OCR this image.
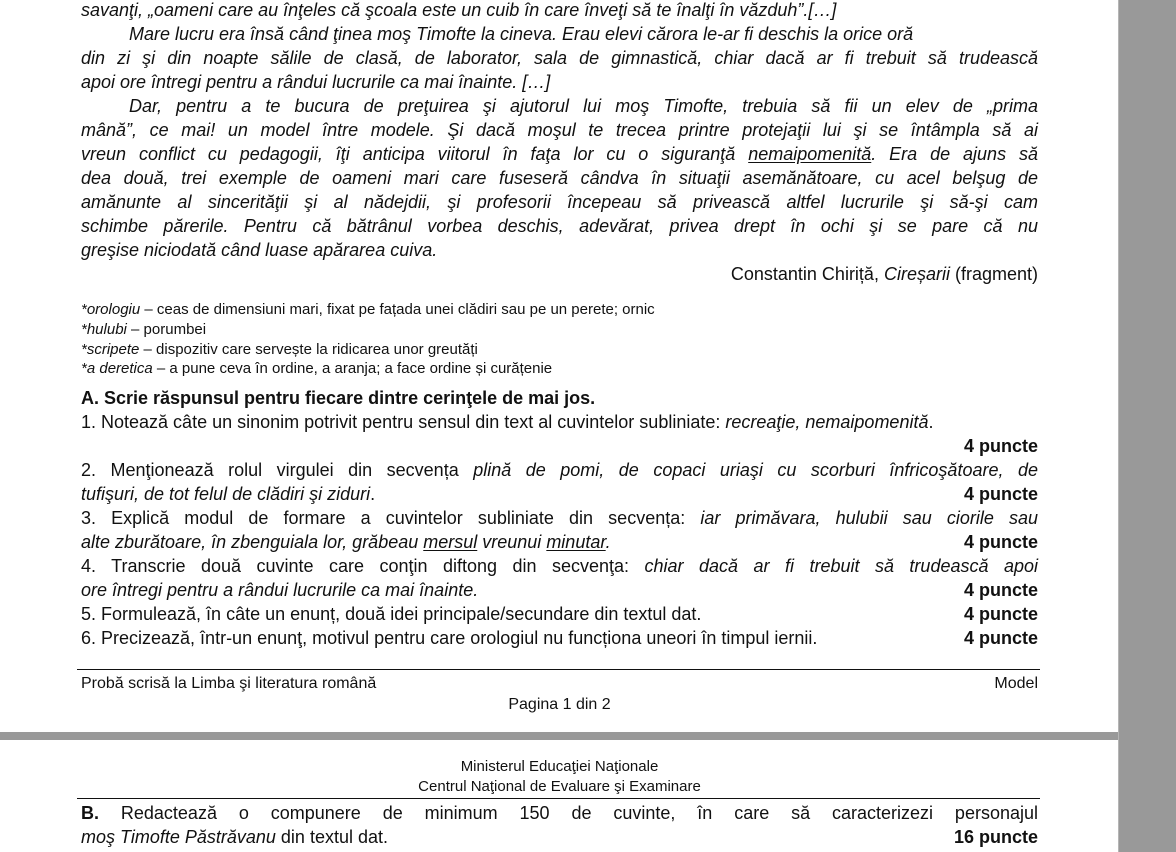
savanţi, „oameni care au înţeles că şcoala este un cuib în care înveţi să te înalţi în văzduh”.[…]
Mare lucru era însă când ţinea moş Timofte la cineva. Erau elevi cărora le-ar fi deschis la orice oră
din zi şi din noapte sălile de clasă, de laborator, sala de gimnastică, chiar dacă ar fi trebuit să trudească
apoi ore întregi pentru a rândui lucrurile ca mai înainte. […]
Dar, pentru a te bucura de preţuirea şi ajutorul lui moş Timofte, trebuia să fii un elev de „prima
mână”, ce mai! un model între modele. Şi dacă moşul te trecea printre protejaţii lui şi se întâmpla să ai
vreun conflict cu pedagogii, îţi anticipa viitorul în faţa lor cu o siguranţă nemaipomenită. Era de ajuns să
dea două, trei exemple de oameni mari care fuseseră cândva în situaţii asemănătoare, cu acel belşug de
amănunte al sincerităţii şi al nădejdii, şi profesorii începeau să privească altfel lucrurile şi să-şi cam
schimbe părerile. Pentru că bătrânul vorbea deschis, adevărat, privea drept în ochi şi se pare că nu
greşise niciodată când luase apărarea cuiva.
Constantin Chiriță, Cireșarii (fragment)
*orologiu – ceas de dimensiuni mari, fixat pe fațada unei clădiri sau pe un perete; ornic
*hulubi – porumbei
*scripete – dispozitiv care servește la ridicarea unor greutăți
*a deretica – a pune ceva în ordine, a aranja; a face ordine și curățenie
A. Scrie răspunsul pentru fiecare dintre cerinţele de mai jos.
1. Notează câte un sinonim potrivit pentru sensul din text al cuvintelor subliniate: recreaţie, nemaipomenită.
4 puncte
2. Menţionează rolul virgulei din secvența plină de pomi, de copaci uriaşi cu scorburi înfricoşătoare, de
tufişuri, de tot felul de clădiri şi ziduri.	4 puncte
3. Explică modul de formare a cuvintelor subliniate din secvența: iar primăvara, hulubii sau ciorile sau
alte zburătoare, în zbenguiala lor, grăbeau mersul vreunui minutar.	4 puncte
4. Transcrie două cuvinte care conţin diftong din secvenţa: chiar dacă ar fi trebuit să trudească apoi
ore întregi pentru a rândui lucrurile ca mai înainte.	4 puncte
5. Formulează, în câte un enunț, două idei principale/secundare din textul dat.	4 puncte
6. Precizează, într-un enunţ, motivul pentru care orologiul nu funcționa uneori în timpul iernii.	4 puncte
Probă scrisă la Limba şi literatura română	Model
Pagina 1 din 2
Ministerul Educaţiei Naţionale
Centrul Naţional de Evaluare şi Examinare
B. Redactează o compunere de minimum 150 de cuvinte, în care să caracterizezi personajul
moş Timofte Păstrăvanu din textul dat.	16 puncte
